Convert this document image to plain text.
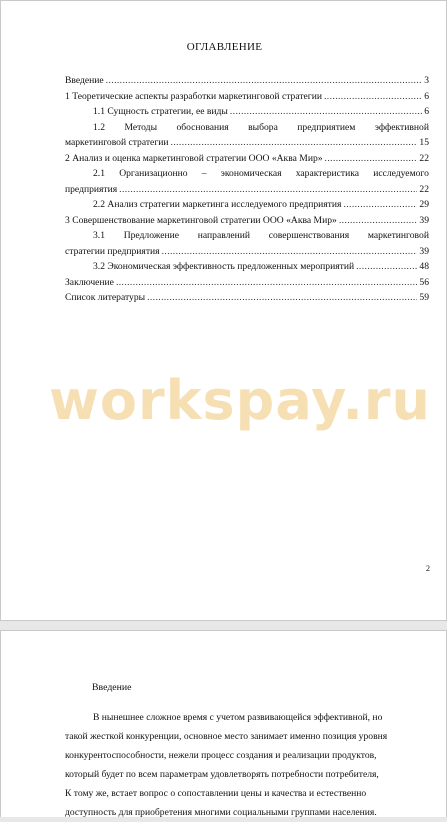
ОГЛАВЛЕНИЕ
Введение .....	3
1 Теоретические аспекты разработки маркетинговой стратегии .....	6
1.1 Сущность стратегии, ее виды .....	6
1.2 Методы обоснования выбора предприятием эффективной
маркетинговой стратегии .....	15
2 Анализ и оценка маркетинговой стратегии ООО «Аква Мир» .....	22
2.1 Организационно – экономическая характеристика исследуемого
предприятия .....	22
2.2 Анализ стратегии маркетинга исследуемого предприятия .....	29
3 Совершенствование маркетинговой стратегии ООО «Аква Мир» .....	39
3.1 Предложение направлений совершенствования маркетинговой
стратегии предприятия .....	39
3.2 Экономическая эффективность предложенных мероприятий .....	48
Заключение .....	56
Список литературы .....	59
workspay.ru
2
Введение
В нынешнее сложное время с учетом развивающейся эффективной, но
такой жесткой конкуренции, основное место занимает именно позиция уровня
конкурентоспособности, нежели процесс создания и реализации продуктов,
который будет по всем параметрам удовлетворять потребности потребителя,
К тому же, встает вопрос о сопоставлении цены и качества и естественно
доступность для приобретения многими социальными группами населения.
